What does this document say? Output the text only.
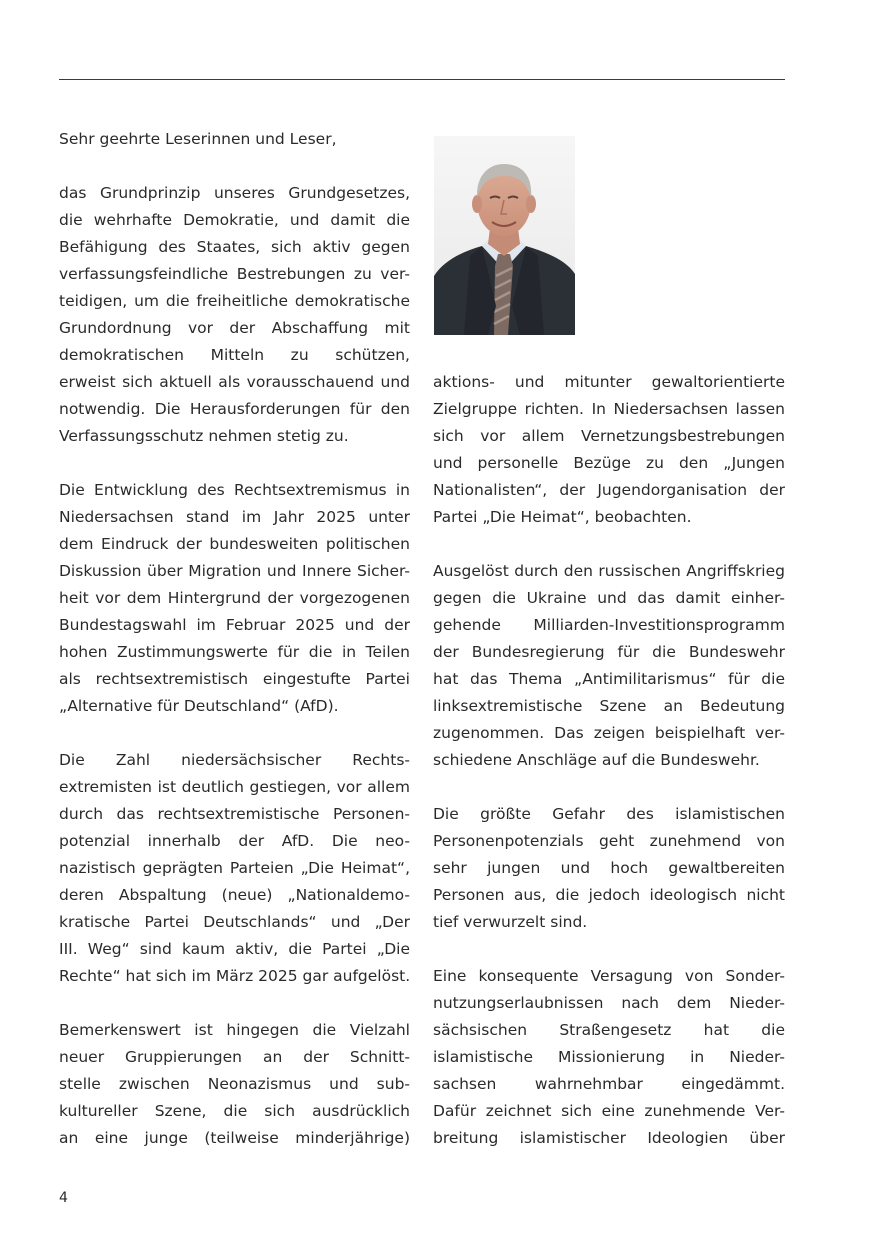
Sehr geehrte Leserinnen und Leser,
das Grundprinzip unseres Grundgesetzes,
die wehrhafte Demokratie, und damit die
Befähigung des Staates, sich aktiv gegen
verfassungsfeindliche Bestrebungen zu ver-
teidigen, um die freiheitliche demokratische
Grundordnung vor der Abschaffung mit
demokratischen Mitteln zu schützen,
erweist sich aktuell als vorausschauend und
notwendig. Die Herausforderungen für den
Verfassungsschutz nehmen stetig zu.
Die Entwicklung des Rechtsextremismus in
Niedersachsen stand im Jahr 2025 unter
dem Eindruck der bundesweiten politischen
Diskussion über Migration und Innere Sicher-
heit vor dem Hintergrund der vorgezogenen
Bundestagswahl im Februar 2025 und der
hohen Zustimmungswerte für die in Teilen
als rechtsextremistisch eingestufte Partei
„Alternative für Deutschland“ (AfD).
Die Zahl niedersächsischer Rechts-
extremisten ist deutlich gestiegen, vor allem
durch das rechtsextremistische Personen-
potenzial innerhalb der AfD. Die neo-
nazistisch geprägten Parteien „Die Heimat“,
deren Abspaltung (neue) „Nationaldemo-
kratische Partei Deutschlands“ und „Der
III. Weg“ sind kaum aktiv, die Partei „Die
Rechte“ hat sich im März 2025 gar aufgelöst.
Bemerkenswert ist hingegen die Vielzahl
neuer Gruppierungen an der Schnitt-
stelle zwischen Neonazismus und sub-
kultureller Szene, die sich ausdrücklich
an eine junge (teilweise minderjährige)
aktions- und mitunter gewaltorientierte
Zielgruppe richten. In Niedersachsen lassen
sich vor allem Vernetzungsbestrebungen
und personelle Bezüge zu den „Jungen
Nationalisten“, der Jugendorganisation der
Partei „Die Heimat“, beobachten.
Ausgelöst durch den russischen Angriffskrieg
gegen die Ukraine und das damit einher-
gehende Milliarden-Investitionsprogramm
der Bundesregierung für die Bundeswehr
hat das Thema „Antimilitarismus“ für die
linksextremistische Szene an Bedeutung
zugenommen. Das zeigen beispielhaft ver-
schiedene Anschläge auf die Bundeswehr.
Die größte Gefahr des islamistischen
Personenpotenzials geht zunehmend von
sehr jungen und hoch gewaltbereiten
Personen aus, die jedoch ideologisch nicht
tief verwurzelt sind.
Eine konsequente Versagung von Sonder-
nutzungserlaubnissen nach dem Nieder-
sächsischen Straßengesetz hat die
islamistische Missionierung in Nieder-
sachsen wahrnehmbar eingedämmt.
Dafür zeichnet sich eine zunehmende Ver-
breitung islamistischer Ideologien über
4
